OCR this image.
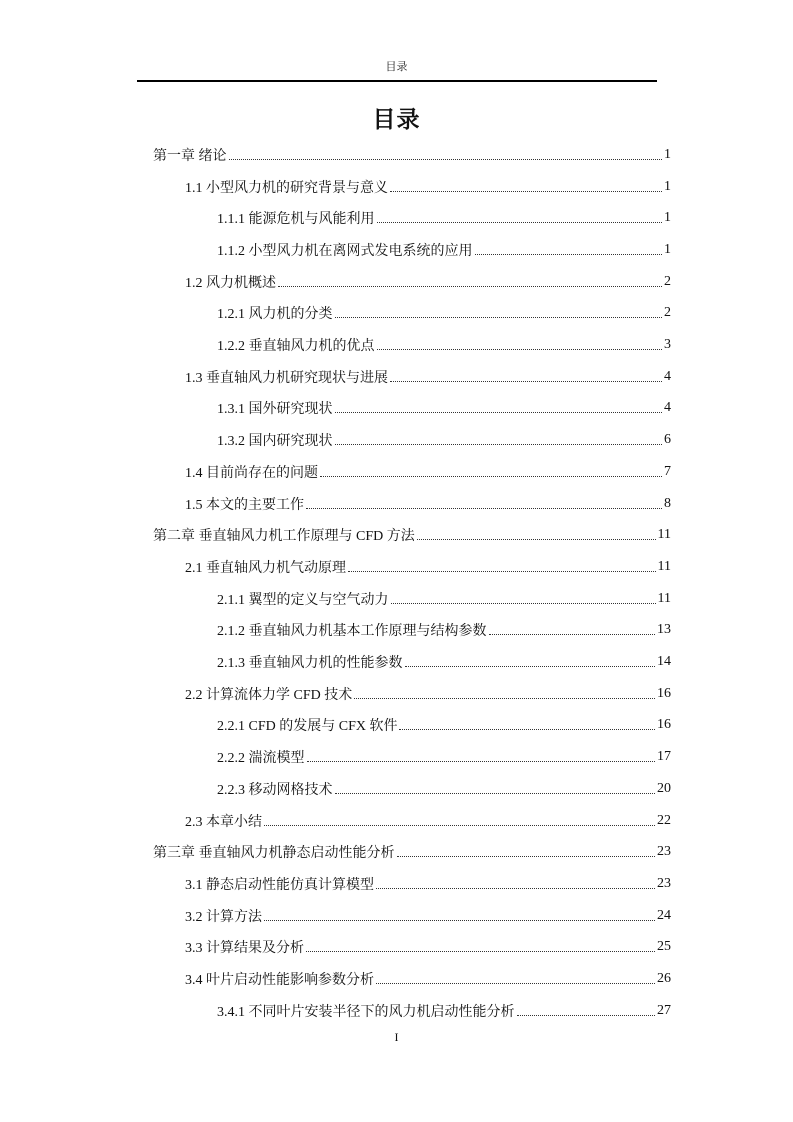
目录
目录
第一章 绪论	1
1.1 小型风力机的研究背景与意义	1
1.1.1 能源危机与风能利用	1
1.1.2 小型风力机在离网式发电系统的应用	1
1.2 风力机概述	2
1.2.1 风力机的分类	2
1.2.2 垂直轴风力机的优点	3
1.3 垂直轴风力机研究现状与进展	4
1.3.1 国外研究现状	4
1.3.2 国内研究现状	6
1.4 目前尚存在的问题	7
1.5 本文的主要工作	8
第二章 垂直轴风力机工作原理与 CFD 方法	11
2.1 垂直轴风力机气动原理	11
2.1.1 翼型的定义与空气动力	11
2.1.2 垂直轴风力机基本工作原理与结构参数	13
2.1.3 垂直轴风力机的性能参数	14
2.2 计算流体力学 CFD 技术	16
2.2.1 CFD 的发展与 CFX 软件	16
2.2.2 湍流模型	17
2.2.3 移动网格技术	20
2.3 本章小结	22
第三章 垂直轴风力机静态启动性能分析	23
3.1 静态启动性能仿真计算模型	23
3.2 计算方法	24
3.3 计算结果及分析	25
3.4 叶片启动性能影响参数分析	26
3.4.1 不同叶片安装半径下的风力机启动性能分析	27
I
